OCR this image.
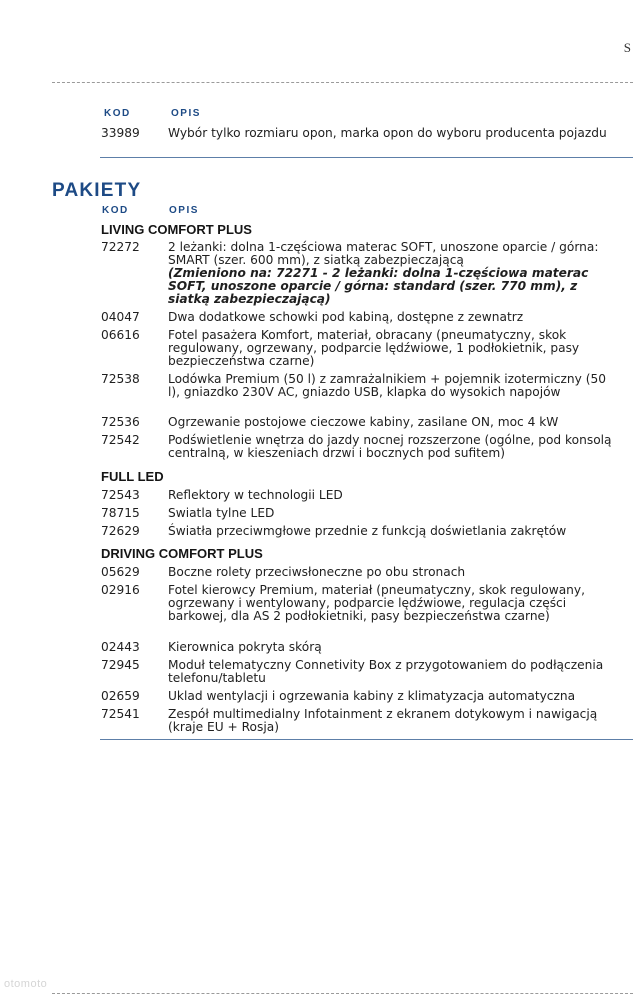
S
KOD	OPIS
33989	Wybór tylko rozmiaru opon, marka opon do wyboru producenta pojazdu
PAKIETY
KOD	OPIS
LIVING COMFORT PLUS
72272	2 leżanki: dolna 1-częściowa materac SOFT, unoszone oparcie / górna: SMART (szer. 600 mm), z siatką zabezpieczającą
(Zmieniono na: 72271 - 2 leżanki: dolna 1-częściowa materac SOFT, unoszone oparcie / górna: standard (szer. 770 mm), z siatką zabezpieczającą)
04047	Dwa dodatkowe schowki pod kabiną, dostępne z zewnatrz
06616	Fotel pasażera Komfort, materiał, obracany (pneumatyczny, skok regulowany, ogrzewany, podparcie lędźwiowe, 1 podłokietnik, pasy bezpieczeństwa czarne)
72538	Lodówka Premium (50 l) z zamrażalnikiem + pojemnik izotermiczny (50 l), gniazdko 230V AC, gniazdo USB, klapka do wysokich napojów
72536	Ogrzewanie postojowe cieczowe kabiny, zasilane ON, moc 4 kW
72542	Podświetlenie wnętrza do jazdy nocnej rozszerzone (ogólne, pod konsolą centralną, w kieszeniach drzwi i bocznych pod sufitem)
FULL LED
72543	Reflektory w technologii LED
78715	Swiatla tylne LED
72629	Światła przeciwmgłowe przednie z funkcją doświetlania zakrętów
DRIVING COMFORT PLUS
05629	Boczne rolety przeciwsłoneczne po obu stronach
02916	Fotel kierowcy Premium, materiał (pneumatyczny, skok regulowany, ogrzewany i wentylowany, podparcie lędźwiowe, regulacja części barkowej, dla AS 2 podłokietniki, pasy bezpieczeństwa czarne)
02443	Kierownica pokryta skórą
72945	Moduł telematyczny Connetivity Box z przygotowaniem do podłączenia telefonu/tabletu
02659	Uklad wentylacji i ogrzewania kabiny z klimatyzacja automatyczna
72541	Zespół multimedialny Infotainment z ekranem dotykowym i nawigacją (kraje EU + Rosja)
otomoto
